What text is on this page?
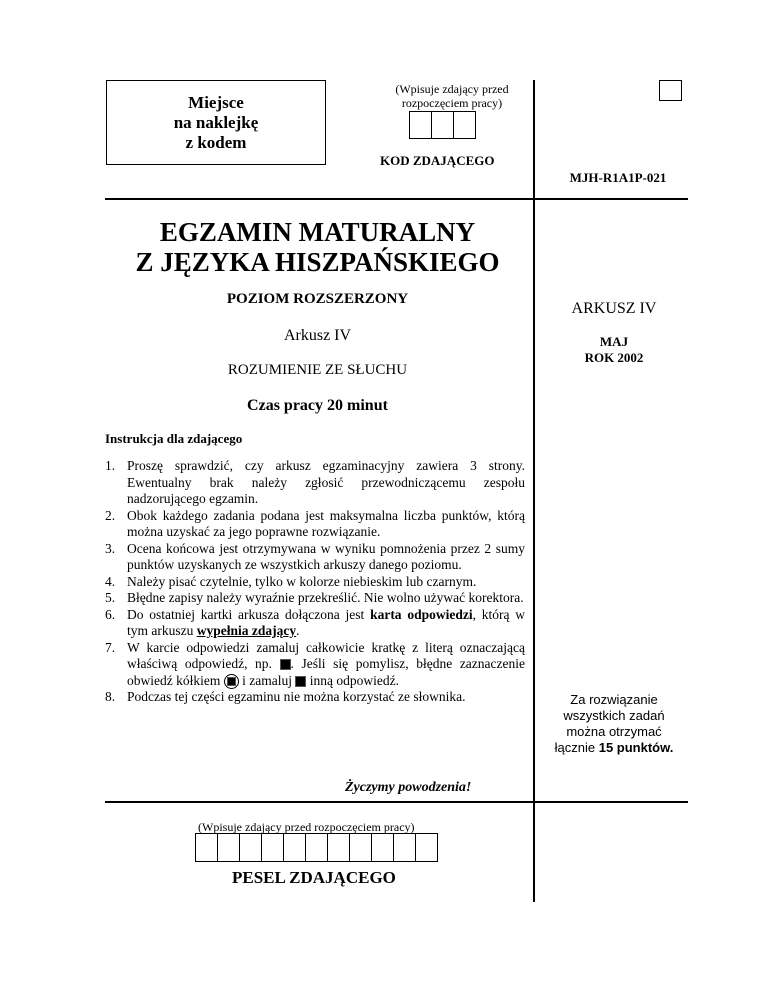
Miejsce
na naklejkę
z kodem
(Wpisuje zdający przed
rozpoczęciem pracy)
KOD ZDAJĄCEGO
MJH-R1A1P-021
EGZAMIN MATURALNY
Z JĘZYKA HISZPAŃSKIEGO
POZIOM ROZSZERZONY
Arkusz IV
ROZUMIENIE ZE SŁUCHU
Czas pracy 20 minut
ARKUSZ IV
MAJ
ROK 2002
Za rozwiązanie
wszystkich zadań
można otrzymać
łącznie 15 punktów.
Instrukcja dla zdającego
1. Proszę sprawdzić, czy arkusz egzaminacyjny zawiera 3 strony. Ewentualny brak należy zgłosić przewodniczącemu zespołu nadzorującego egzamin.
2. Obok każdego zadania podana jest maksymalna liczba punktów, którą można uzyskać za jego poprawne rozwiązanie.
3. Ocena końcowa jest otrzymywana w wyniku pomnożenia przez 2 sumy punktów uzyskanych ze wszystkich arkuszy danego poziomu.
4. Należy pisać czytelnie, tylko w kolorze niebieskim lub czarnym.
5. Błędne zapisy należy wyraźnie przekreślić. Nie wolno używać korektora.
6. Do ostatniej kartki arkusza dołączona jest karta odpowiedzi, którą w tym arkuszu wypełnia zdający.
7. W karcie odpowiedzi zamaluj całkowicie kratkę z literą oznaczającą właściwą odpowiedź, np. . Jeśli się pomylisz, błędne zaznaczenie obwiedź kółkiem i zamaluj inną odpowiedź.
8. Podczas tej części egzaminu nie można korzystać ze słownika.
Życzymy powodzenia!
(Wpisuje zdający przed rozpoczęciem pracy)
PESEL ZDAJĄCEGO
